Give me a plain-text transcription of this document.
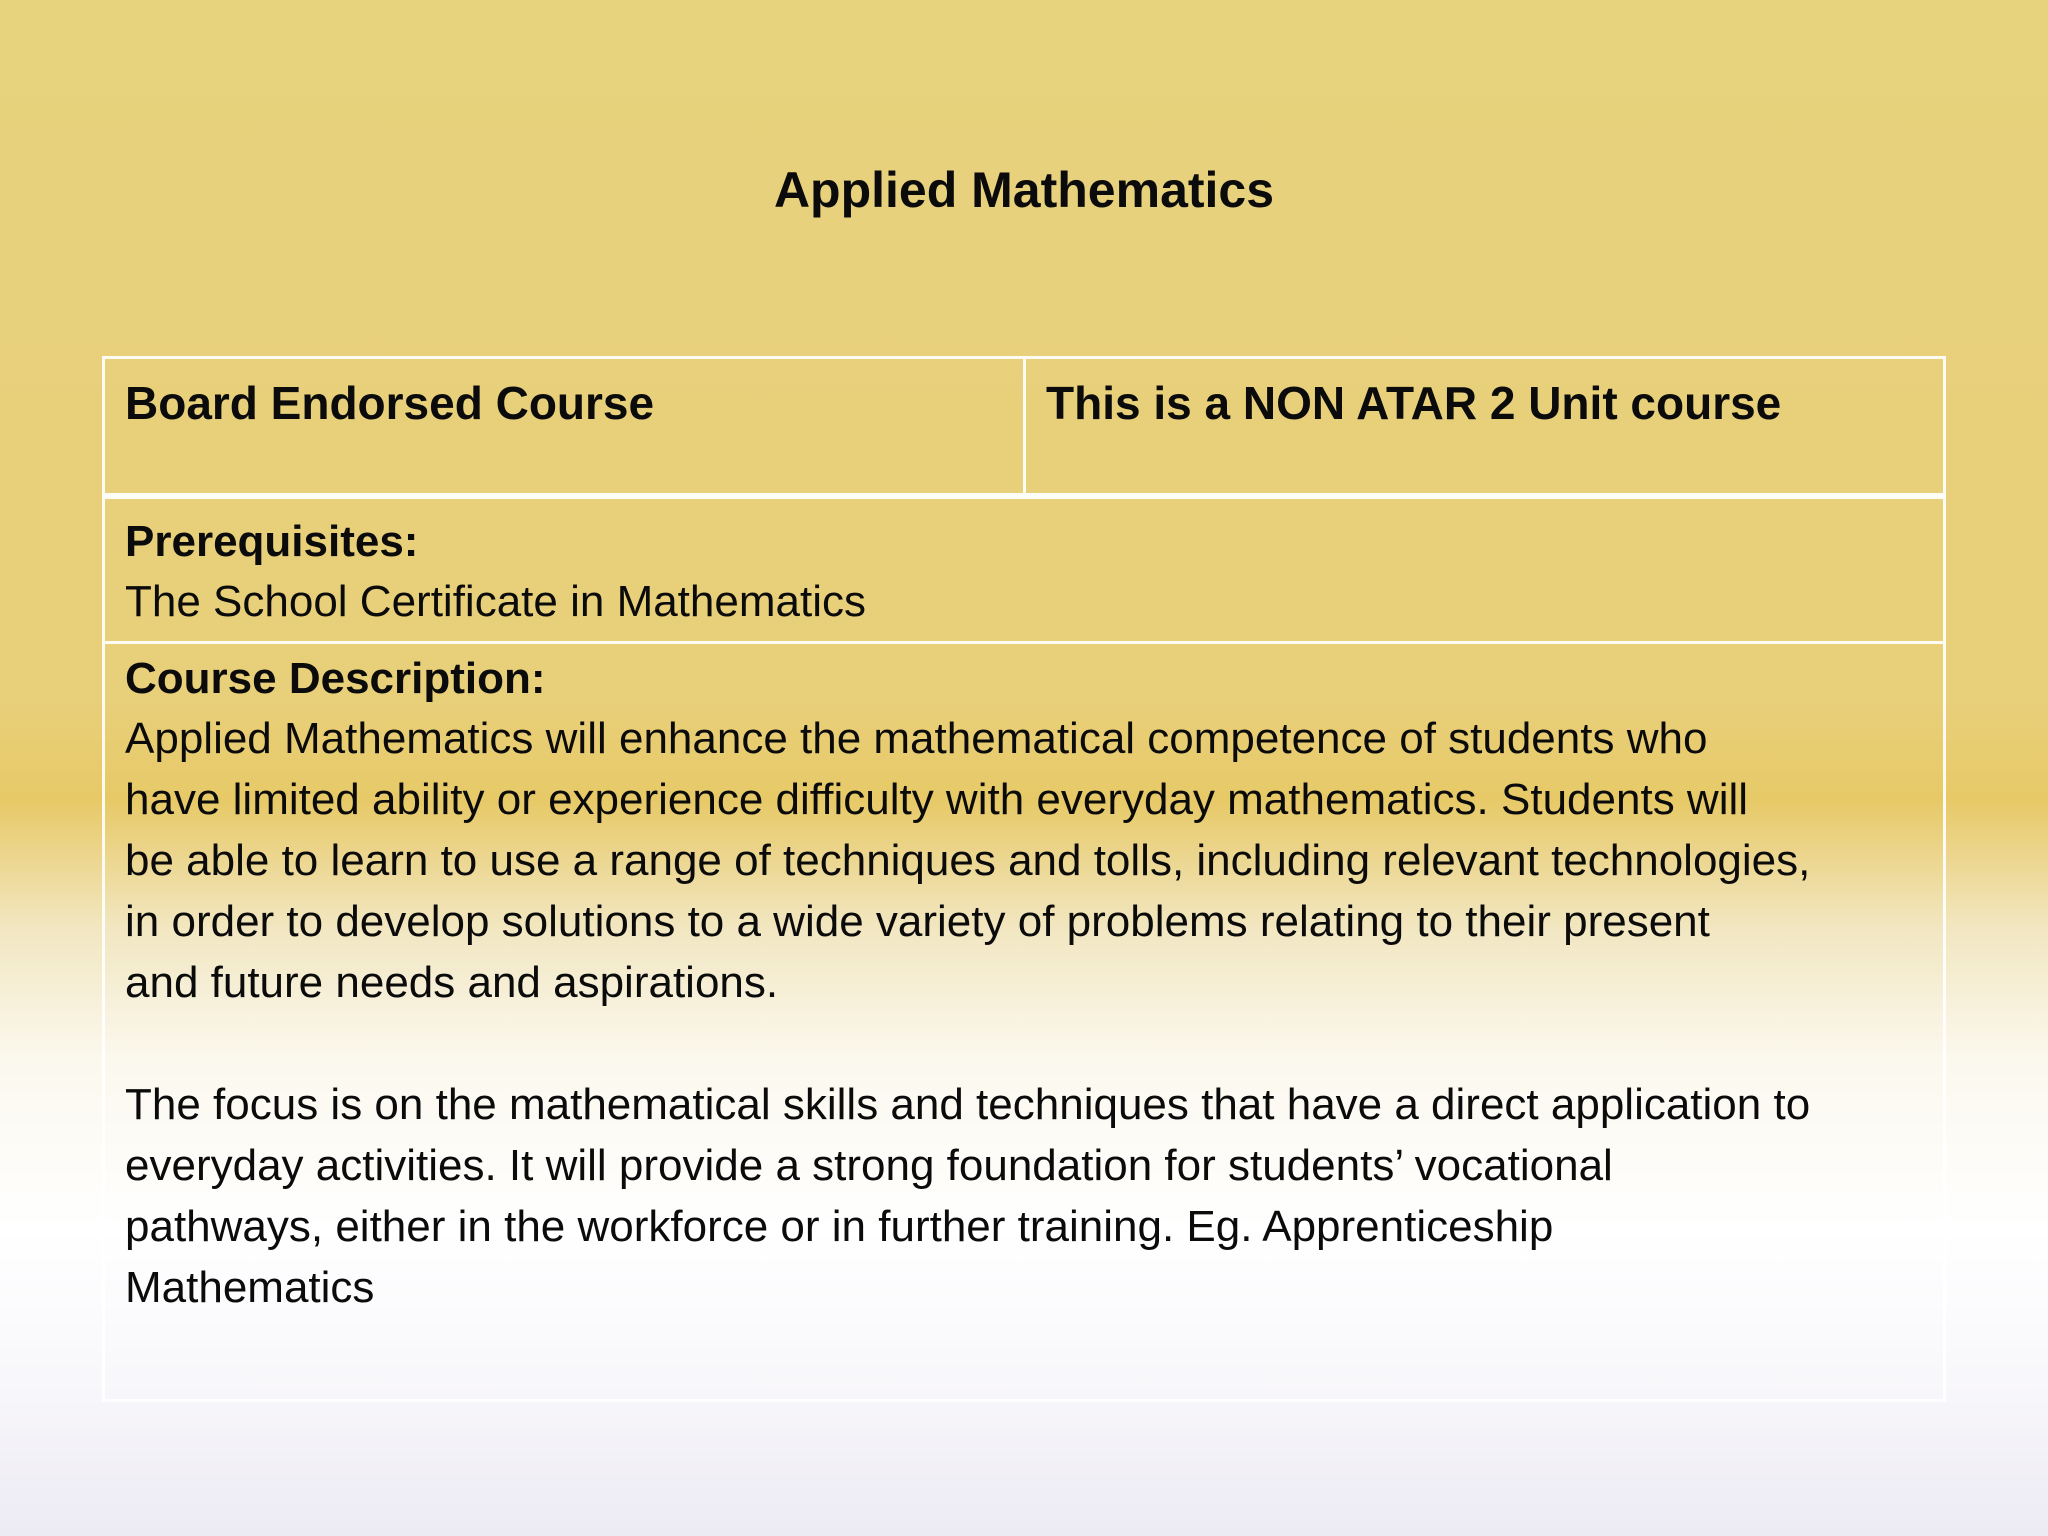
Applied Mathematics
Board Endorsed Course	This is a NON ATAR 2 Unit course
Prerequisites:
The School Certificate in Mathematics
Course Description:
Applied Mathematics will enhance the mathematical competence of students who
have limited ability or experience difficulty with everyday mathematics. Students will
be able to learn to use a range of techniques and tolls, including relevant technologies,
in order to develop solutions to a wide variety of problems relating to their present
and future needs and aspirations.
The focus is on the mathematical skills and techniques that have a direct application to
everyday activities. It will provide a strong foundation for students’ vocational
pathways, either in the workforce or in further training. Eg. Apprenticeship
Mathematics
